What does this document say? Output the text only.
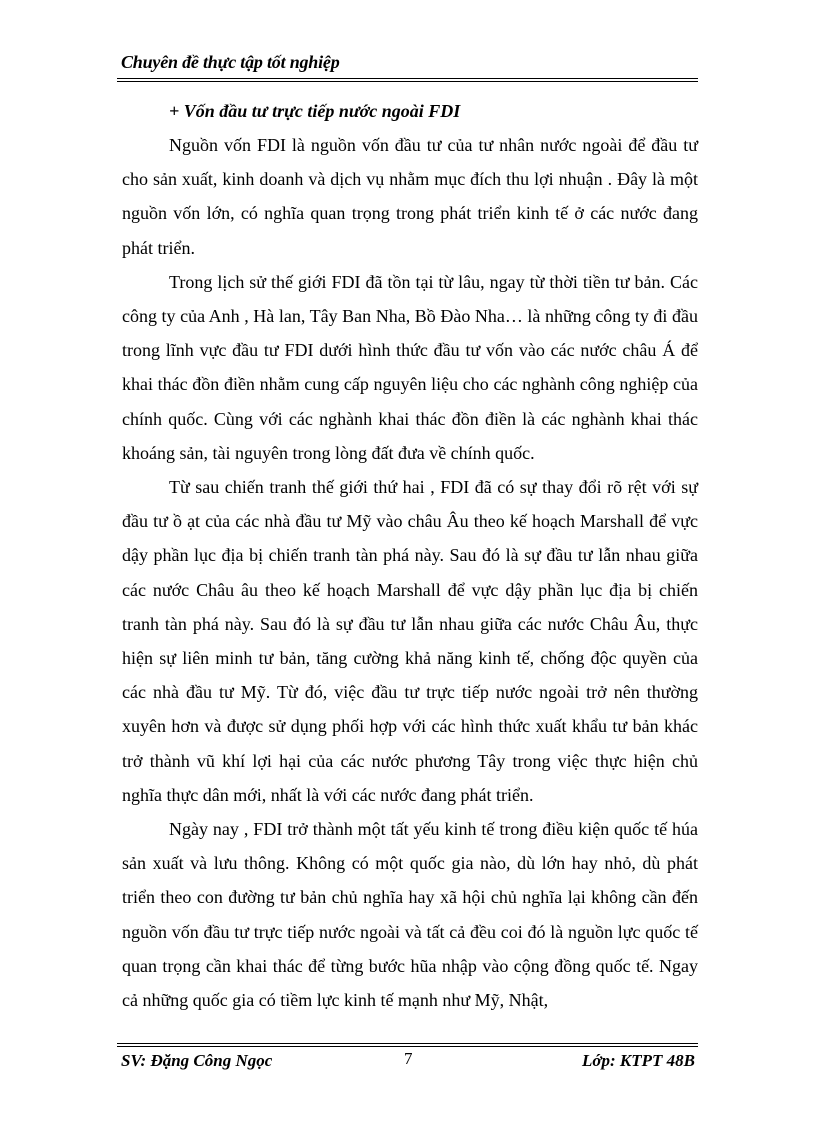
Chuyên đề thực tập tốt nghiệp
+ Vốn đầu tư trực tiếp nước ngoài FDI

Nguồn vốn FDI là nguồn vốn đầu tư của tư nhân nước ngoài để đầu tư cho sản xuất, kinh doanh và dịch vụ nhằm mục đích thu lợi nhuận . Đây là một nguồn vốn lớn, có nghĩa quan trọng trong phát triển kinh tế ở các nước đang phát triển.

Trong lịch sử thế giới FDI đã tồn tại từ lâu, ngay từ thời tiền tư bản. Các công ty của Anh , Hà lan, Tây Ban Nha, Bồ Đào Nha… là những công ty đi đầu trong lĩnh vực đầu tư FDI dưới hình thức đầu tư vốn vào các nước châu Á để khai thác đồn điền nhằm cung cấp nguyên liệu cho các nghành công nghiệp của chính quốc. Cùng với các nghành khai thác đồn điền là các nghành khai thác khoáng sản, tài nguyên trong lòng đất đưa về chính quốc.

Từ sau chiến tranh thế giới thứ hai , FDI đã có sự thay đổi rõ rệt với sự đầu tư ồ ạt của các nhà đầu tư Mỹ vào châu Âu theo kế hoạch Marshall để vực dậy phần lục địa bị chiến tranh tàn phá này. Sau đó là sự đầu tư lẫn nhau giữa các nước Châu âu theo kế hoạch Marshall để vực dậy phần lục địa bị chiến tranh tàn phá này. Sau đó là sự đầu tư lẫn nhau giữa các nước Châu Âu, thực hiện sự liên minh tư bản, tăng cường khả năng kinh tế, chống độc quyền của các nhà đầu tư Mỹ. Từ đó, việc đầu tư trực tiếp nước ngoài trở nên thường xuyên hơn và được sử dụng phối hợp với các hình thức xuất khẩu tư bản khác trở thành vũ khí lợi hại của các nước phương Tây trong việc thực hiện chủ nghĩa thực dân mới, nhất là với các nước đang phát triển.

Ngày nay , FDI trở thành một tất yếu kinh tế trong điều kiện quốc tế húa sản xuất và lưu thông. Không có một quốc gia nào, dù lớn hay nhỏ, dù phát triển theo con đường tư bản chủ nghĩa hay xã hội chủ nghĩa lại không cần đến nguồn vốn đầu tư trực tiếp nước ngoài và tất cả đều coi đó là nguồn lực quốc tế quan trọng cần khai thác để từng bước hũa nhập vào cộng đồng quốc tế. Ngay cả những quốc gia có tiềm lực kinh tế mạnh như Mỹ, Nhật,

SV: Đặng Công Ngọc	7	Lớp: KTPT 48B
